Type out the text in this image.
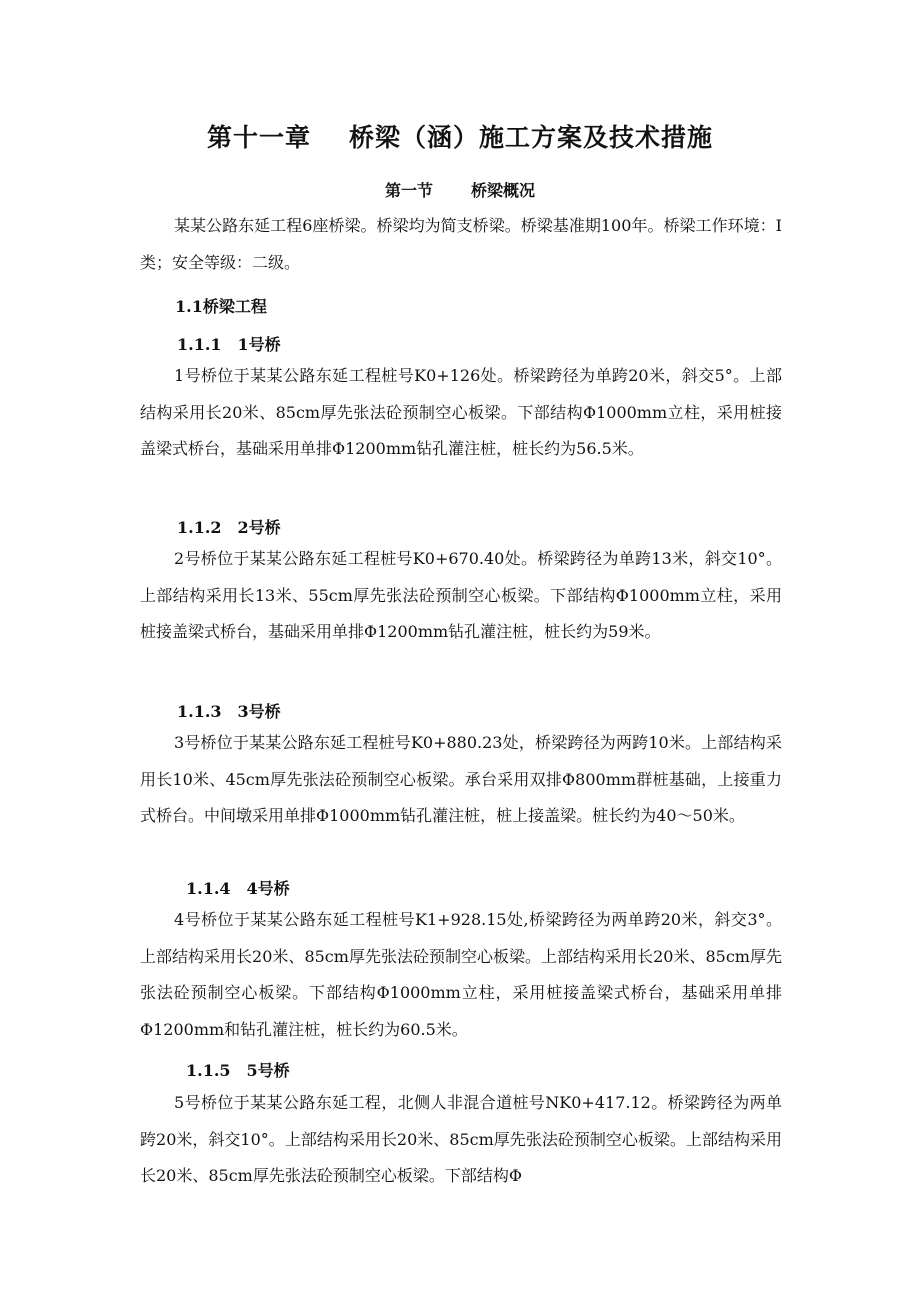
第十一章 桥梁（涵）施工方案及技术措施
第一节 桥梁概况

某某公路东延工程6座桥梁。桥梁均为简支桥梁。桥梁基准期100年。桥梁工作环境：Ⅰ类；安全等级：二级。

1.1桥梁工程
1.1.1 1号桥

1号桥位于某某公路东延工程桩号K0+126处。桥梁跨径为单跨20米，斜交5°。上部结构采用长20米、85cm厚先张法砼预制空心板梁。下部结构Φ1000mm立柱，采用桩接盖梁式桥台，基础采用单排Φ1200mm钻孔灌注桩，桩长约为56.5米。

1.1.2 2号桥

2号桥位于某某公路东延工程桩号K0+670.40处。桥梁跨径为单跨13米，斜交10°。上部结构采用长13米、55cm厚先张法砼预制空心板梁。下部结构Φ1000mm立柱，采用桩接盖梁式桥台，基础采用单排Φ1200mm钻孔灌注桩，桩长约为59米。

1.1.3 3号桥

3号桥位于某某公路东延工程桩号K0+880.23处，桥梁跨径为两跨10米。上部结构采用长10米、45cm厚先张法砼预制空心板梁。承台采用双排Φ800mm群桩基础，上接重力式桥台。中间墩采用单排Φ1000mm钻孔灌注桩，桩上接盖梁。桩长约为40～50米。

1.1.4 4号桥

4号桥位于某某公路东延工程桩号K1+928.15处,桥梁跨径为两单跨20米，斜交3°。上部结构采用长20米、85cm厚先张法砼预制空心板梁。上部结构采用长20米、85cm厚先张法砼预制空心板梁。下部结构Φ1000mm立柱，采用桩接盖梁式桥台，基础采用单排Φ1200mm和钻孔灌注桩，桩长约为60.5米。

1.1.5 5号桥

5号桥位于某某公路东延工程，北侧人非混合道桩号NK0+417.12。桥梁跨径为两单跨20米，斜交10°。上部结构采用长20米、85cm厚先张法砼预制空心板梁。上部结构采用长20米、85cm厚先张法砼预制空心板梁。下部结构Φ
